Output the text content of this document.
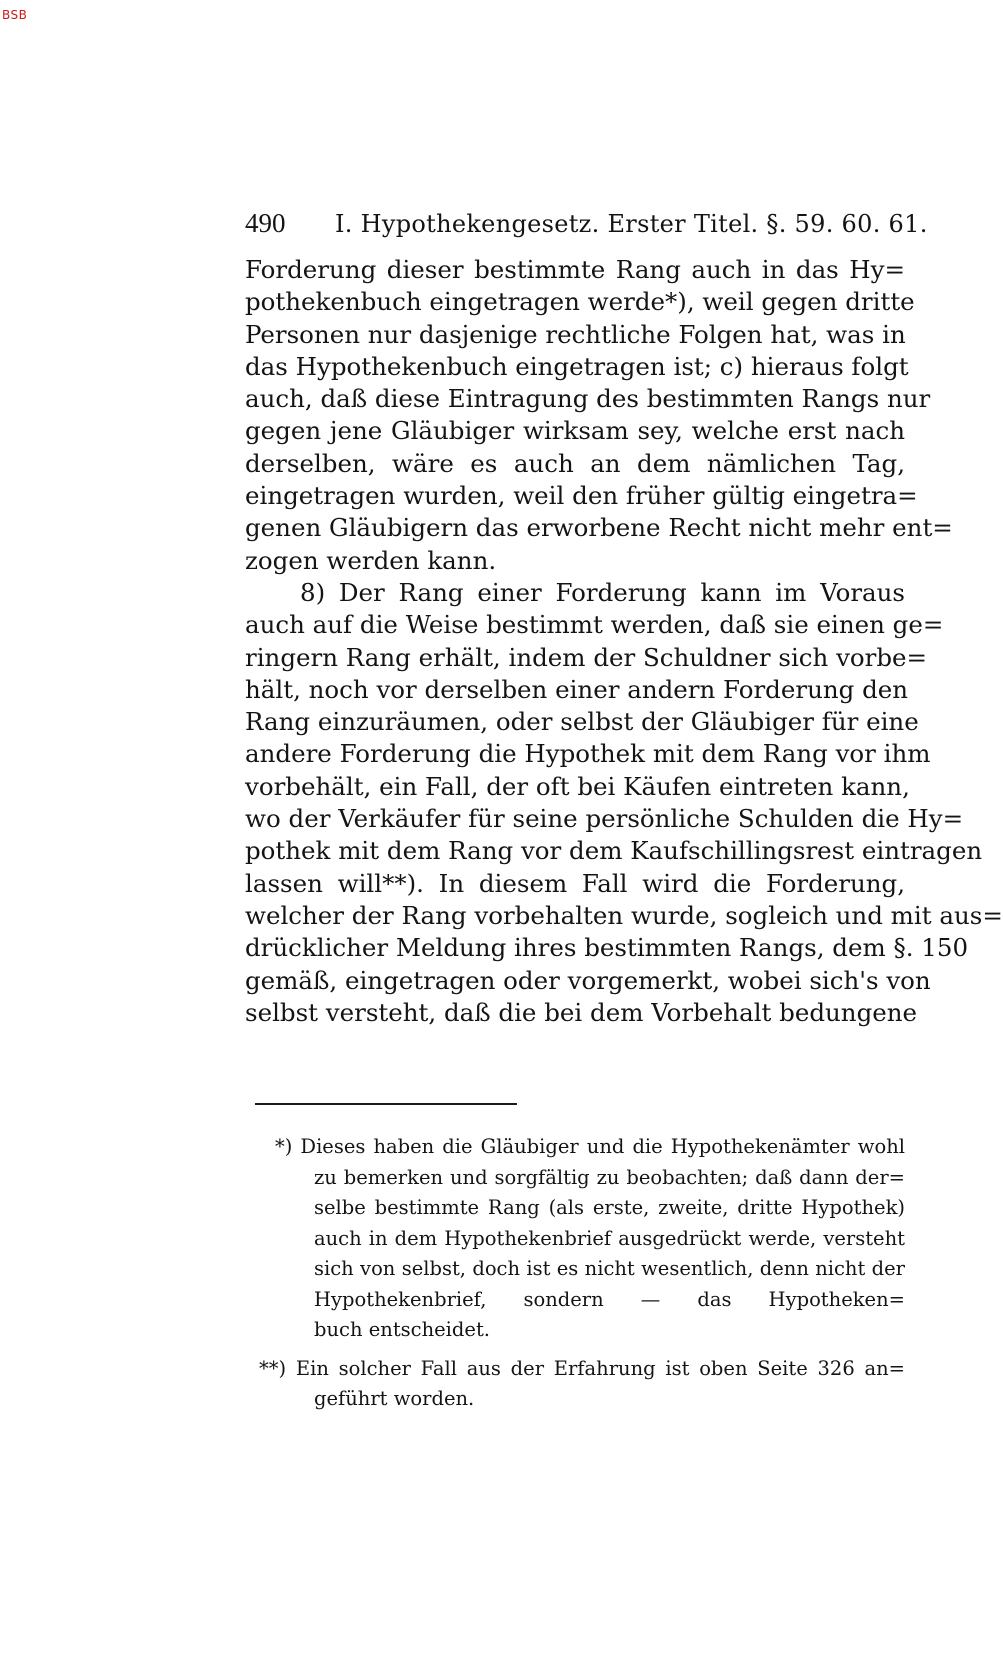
BSB
490 I. Hypothekengesetz. Erster Titel. §. 59. 60. 61.
Forderung dieser bestimmte Rang auch in das Hy=
pothekenbuch eingetragen werde*), weil gegen dritte
Personen nur dasjenige rechtliche Folgen hat, was in
das Hypothekenbuch eingetragen ist; c) hieraus folgt
auch, daß diese Eintragung des bestimmten Rangs nur
gegen jene Gläubiger wirksam sey, welche erst nach
derselben, wäre es auch an dem nämlichen Tag,
eingetragen wurden, weil den früher gültig eingetra=
genen Gläubigern das erworbene Recht nicht mehr ent=
zogen werden kann.
8) Der Rang einer Forderung kann im Voraus
auch auf die Weise bestimmt werden, daß sie einen ge=
ringern Rang erhält, indem der Schuldner sich vorbe=
hält, noch vor derselben einer andern Forderung den
Rang einzuräumen, oder selbst der Gläubiger für eine
andere Forderung die Hypothek mit dem Rang vor ihm
vorbehält, ein Fall, der oft bei Käufen eintreten kann,
wo der Verkäufer für seine persönliche Schulden die Hy=
pothek mit dem Rang vor dem Kaufschillingsrest eintragen
lassen will**). In diesem Fall wird die Forderung,
welcher der Rang vorbehalten wurde, sogleich und mit aus=
drücklicher Meldung ihres bestimmten Rangs, dem §. 150
gemäß, eingetragen oder vorgemerkt, wobei sich's von
selbst versteht, daß die bei dem Vorbehalt bedungene
*) Dieses haben die Gläubiger und die Hypothekenämter wohl
zu bemerken und sorgfältig zu beobachten; daß dann der=
selbe bestimmte Rang (als erste, zweite, dritte Hypothek)
auch in dem Hypothekenbrief ausgedrückt werde, versteht
sich von selbst, doch ist es nicht wesentlich, denn nicht der
Hypothekenbrief, sondern — das Hypotheken=
buch entscheidet.
**) Ein solcher Fall aus der Erfahrung ist oben Seite 326 an=
geführt worden.
